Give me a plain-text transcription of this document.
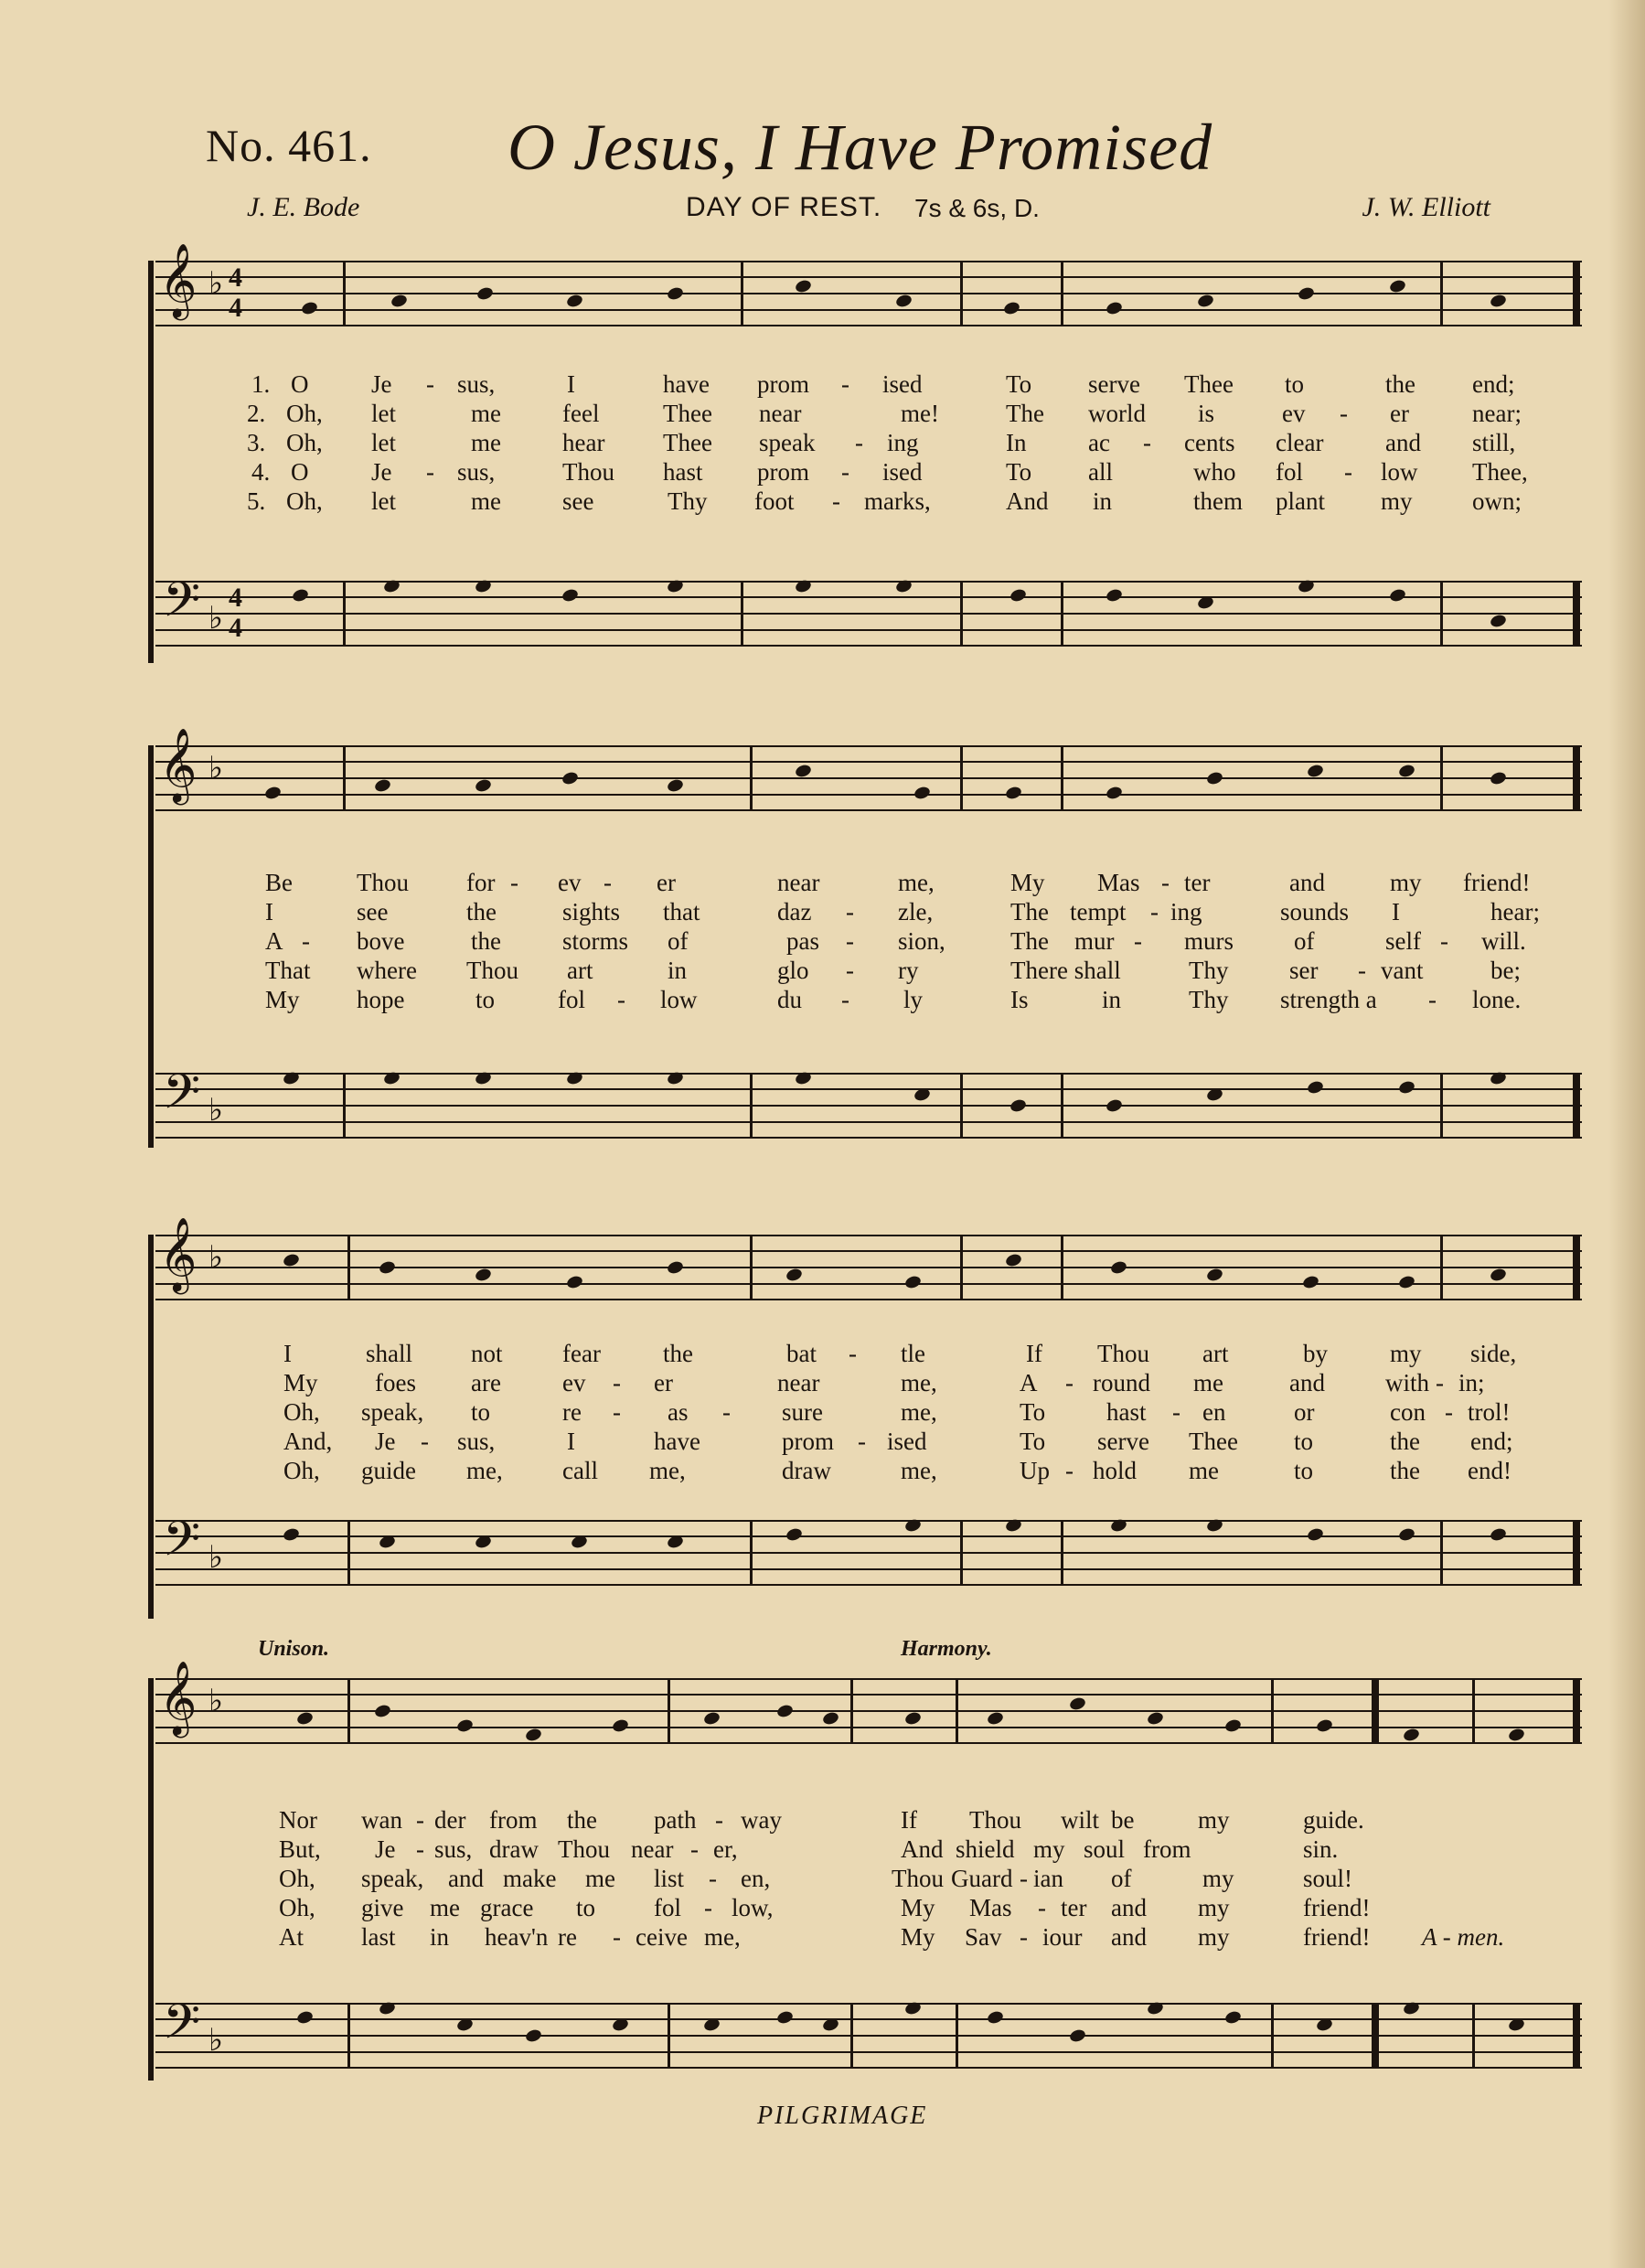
No. 461. O Jesus, I Have Promised
J. E. Bode	DAY OF REST. 7s & 6s, D.	J. W. Elliott
𝄞 ♭ 4
4
1. O	Je - sus,	I	have prom - ised	To serve Thee to	the end;
2. Oh, let	me feel	Thee near	me!	The world is	ev - er	near;
3. Oh, let	me hear Thee speak - ing	In	ac - cents clear	and still,
4. O	Je - sus,	Thou hast prom - ised	To all	who fol - low Thee,
5. Oh, let	me see	Thy foot - marks,	And in	them plant my own;
𝄢 ♭
4
4
𝄞 ♭
Be	Thou for - ev - er	near	me,	My Mas - ter	and	my friend!
I	see	the	sights that	daz - zle,	The tempt - ing	sounds I	hear;
A - bove	the storms of	pas - sion,	The mur - murs of	self - will.
That where Thou art	in	glo - ry	There shall	Thy ser - vant	be;
My hope	to	fol - low	du - ly	Is	in	Thy strength a - lone.
𝄢 ♭
𝄞 ♭
I	shall not fear	the	bat - tle	If Thou art	by	my side,
My foes are ev - er	near	me,	A - round me	and with - in;
Oh, speak, to	re - as - sure	me,	To hast - en	or	con - trol!
And, Je - sus,	I	have	prom - ised	To serve Thee to	the end;
Oh, guide me, call me,	draw	me,	Up - hold me	to	the end!
𝄢 ♭
Unison.	Harmony.
𝄞 ♭
Nor wan - der from the path - way	If Thou wilt be	my	guide.
But, Je - sus, draw Thou near - er,	And shield my soul from	sin.
Oh, speak, and make me list - en,	Thou Guard - ian of	my	soul!
Oh, give me grace to fol - low,	My Mas - ter and my	friend!
At last in heav'n re - ceive me,	My Sav - iour and my	friend! A - men.
𝄢 ♭
PILGRIMAGE
